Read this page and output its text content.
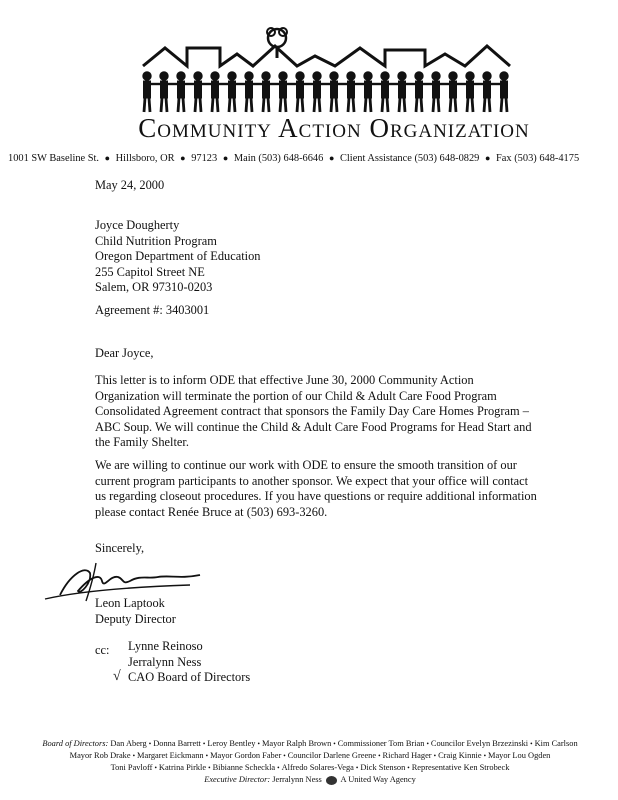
Community Action Organization
1001 SW Baseline St. ● Hillsboro, OR ● 97123 ● Main (503) 648-6646 ● Client Assistance (503) 648-0829 ● Fax (503) 648-4175
May 24, 2000
Joyce Dougherty
Child Nutrition Program
Oregon Department of Education
255 Capitol Street NE
Salem, OR 97310-0203
Agreement #: 3403001
Dear Joyce,
This letter is to inform ODE that effective June 30, 2000 Community Action
Organization will terminate the portion of our Child & Adult Care Food Program
Consolidated Agreement contract that sponsors the Family Day Care Homes Program –
ABC Soup. We will continue the Child & Adult Care Food Programs for Head Start and
the Family Shelter.
We are willing to continue our work with ODE to ensure the smooth transition of our
current program participants to another sponsor. We expect that your office will contact
us regarding closeout procedures. If you have questions or require additional information
please contact Renée Bruce at (503) 693-3260.
Sincerely,
Leon Laptook
Deputy Director
cc: Lynne Reinoso
Jerralynn Ness
CAO Board of Directors
√
Board of Directors: Dan Aberg • Donna Barrett • Leroy Bentley • Mayor Ralph Brown • Commissioner Tom Brian • Councilor Evelyn Brzezinski • Kim Carlson
Mayor Rob Drake • Margaret Eickmann • Mayor Gordon Faber • Councilor Darlene Greene • Richard Hager • Craig Kinnie • Mayor Lou Ogden
Toni Pavloff • Katrina Pirkle • Bibianne Scheckla • Alfredo Solares-Vega • Dick Stenson • Representative Ken Strobeck
Executive Director: Jerralynn Ness A United Way Agency
